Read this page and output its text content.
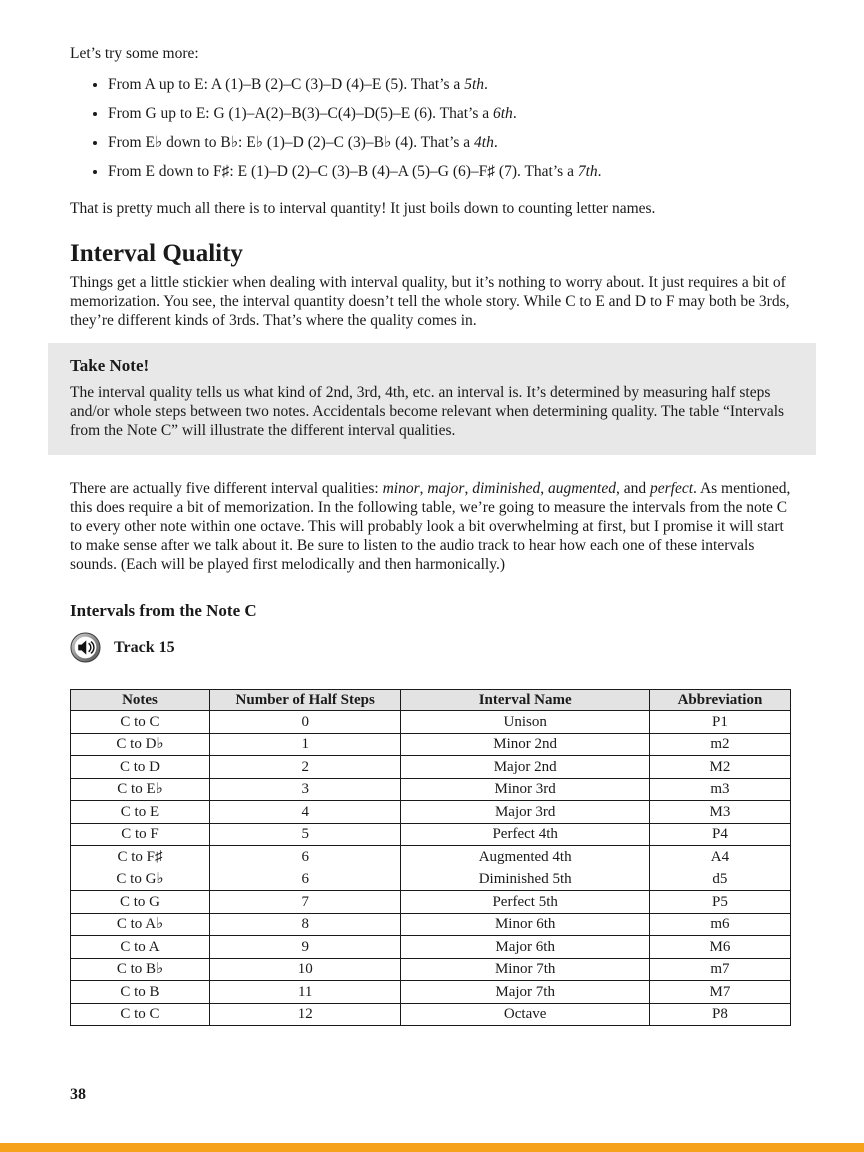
Let’s try some more:

• From A up to E: A (1)–B (2)–C (3)–D (4)–E (5). That’s a 5th.
• From G up to E: G (1)–A(2)–B(3)–C(4)–D(5)–E (6). That’s a 6th.
• From E♭ down to B♭: E♭ (1)–D (2)–C (3)–B♭ (4). That’s a 4th.
• From E down to F♯: E (1)–D (2)–C (3)–B (4)–A (5)–G (6)–F♯ (7). That’s a 7th.

That is pretty much all there is to interval quantity! It just boils down to counting letter names.

Interval Quality

Things get a little stickier when dealing with interval quality, but it’s nothing to worry about. It just requires a bit of memorization. You see, the interval quantity doesn’t tell the whole story. While C to E and D to F may both be 3rds, they’re different kinds of 3rds. That’s where the quality comes in.

Take Note!

The interval quality tells us what kind of 2nd, 3rd, 4th, etc. an interval is. It’s determined by measuring half steps and/or whole steps between two notes. Accidentals become relevant when determining quality. The table “Intervals from the Note C” will illustrate the different interval qualities.

There are actually five different interval qualities: minor, major, diminished, augmented, and perfect. As mentioned, this does require a bit of memorization. In the following table, we’re going to measure the intervals from the note C to every other note within one octave. This will probably look a bit overwhelming at first, but I promise it will start to make sense after we talk about it. Be sure to listen to the audio track to hear how each one of these intervals sounds. (Each will be played first melodically and then harmonically.)

Intervals from the Note C
Track 15
Notes	Number of Half Steps	Interval Name	Abbreviation
C to C	0	Unison	P1
C to D♭	1	Minor 2nd	m2
C to D	2	Major 2nd	M2
C to E♭	3	Minor 3rd	m3
C to E	4	Major 3rd	M3
C to F	5	Perfect 4th	P4
C to F♯	6	Augmented 4th	A4
C to G♭	6	Diminished 5th	d5
C to G	7	Perfect 5th	P5
C to A♭	8	Minor 6th	m6
C to A	9	Major 6th	M6
C to B♭	10	Minor 7th	m7
C to B	11	Major 7th	M7
C to C	12	Octave	P8
38
